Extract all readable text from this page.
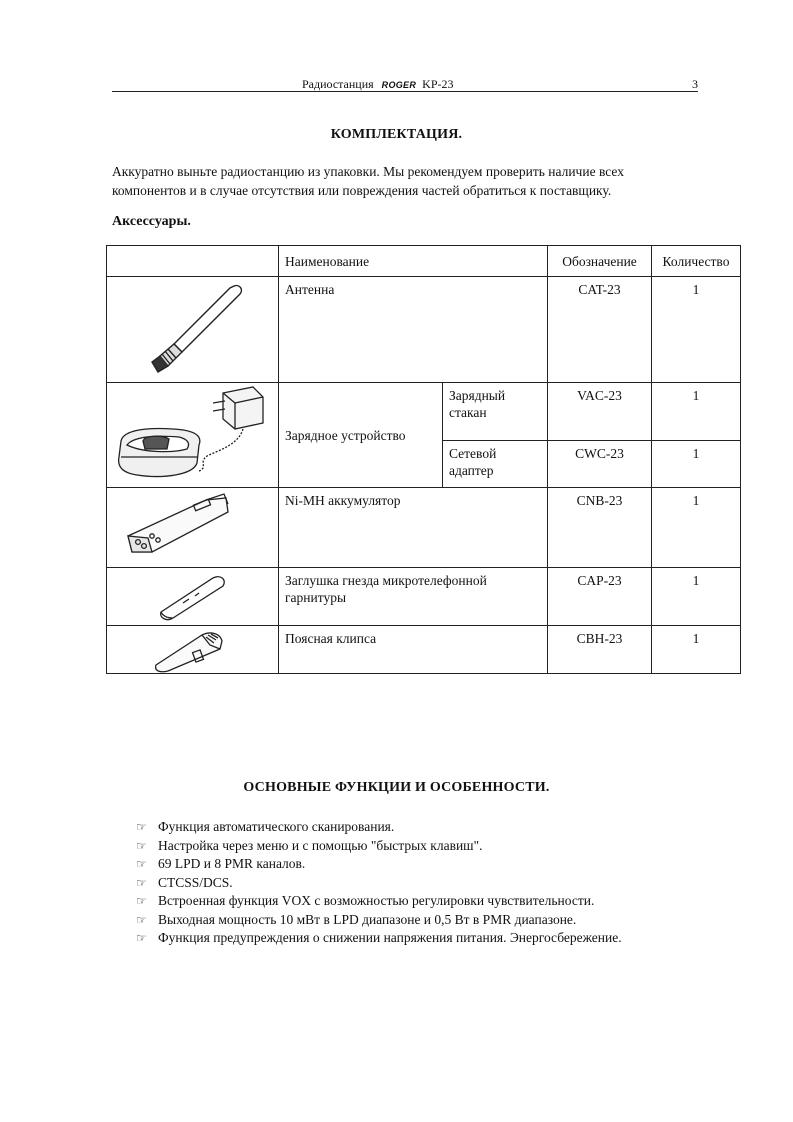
Радиостанция ROGER KP-23	3
КОМПЛЕКТАЦИЯ.

Аккуратно выньте радиостанцию из упаковки. Мы рекомендуем проверить наличие всех
компонентов и в случае отсутствия или повреждения частей обратиться к поставщику.

Аксессуары.

	Наименование		Обозначение	Количество

	Антенна		CAT-23	1

	Зарядное устройство	Зарядный стакан	VAC-23	1
		Сетевой адаптер	CWC-23	1

	Ni-MH аккумулятор		CNB-23	1

	Заглушка гнезда микротелефонной гарнитуры		CAP-23	1

	Поясная клипса		CBH-23	1
ОСНОВНЫЕ ФУНКЦИИ И ОСОБЕННОСТИ.
☞ Функция автоматического сканирования.
☞ Настройка через меню и с помощью "быстрых клавиш".
☞ 69 LPD и 8 PMR каналов.
☞ CTCSS/DCS.
☞ Встроенная функция VOX с возможностью регулировки чувствительности.
☞ Выходная мощность 10 мВт в LPD диапазоне и 0,5 Вт в PMR диапазоне.
☞ Функция предупреждения о снижении напряжения питания. Энергосбережение.
